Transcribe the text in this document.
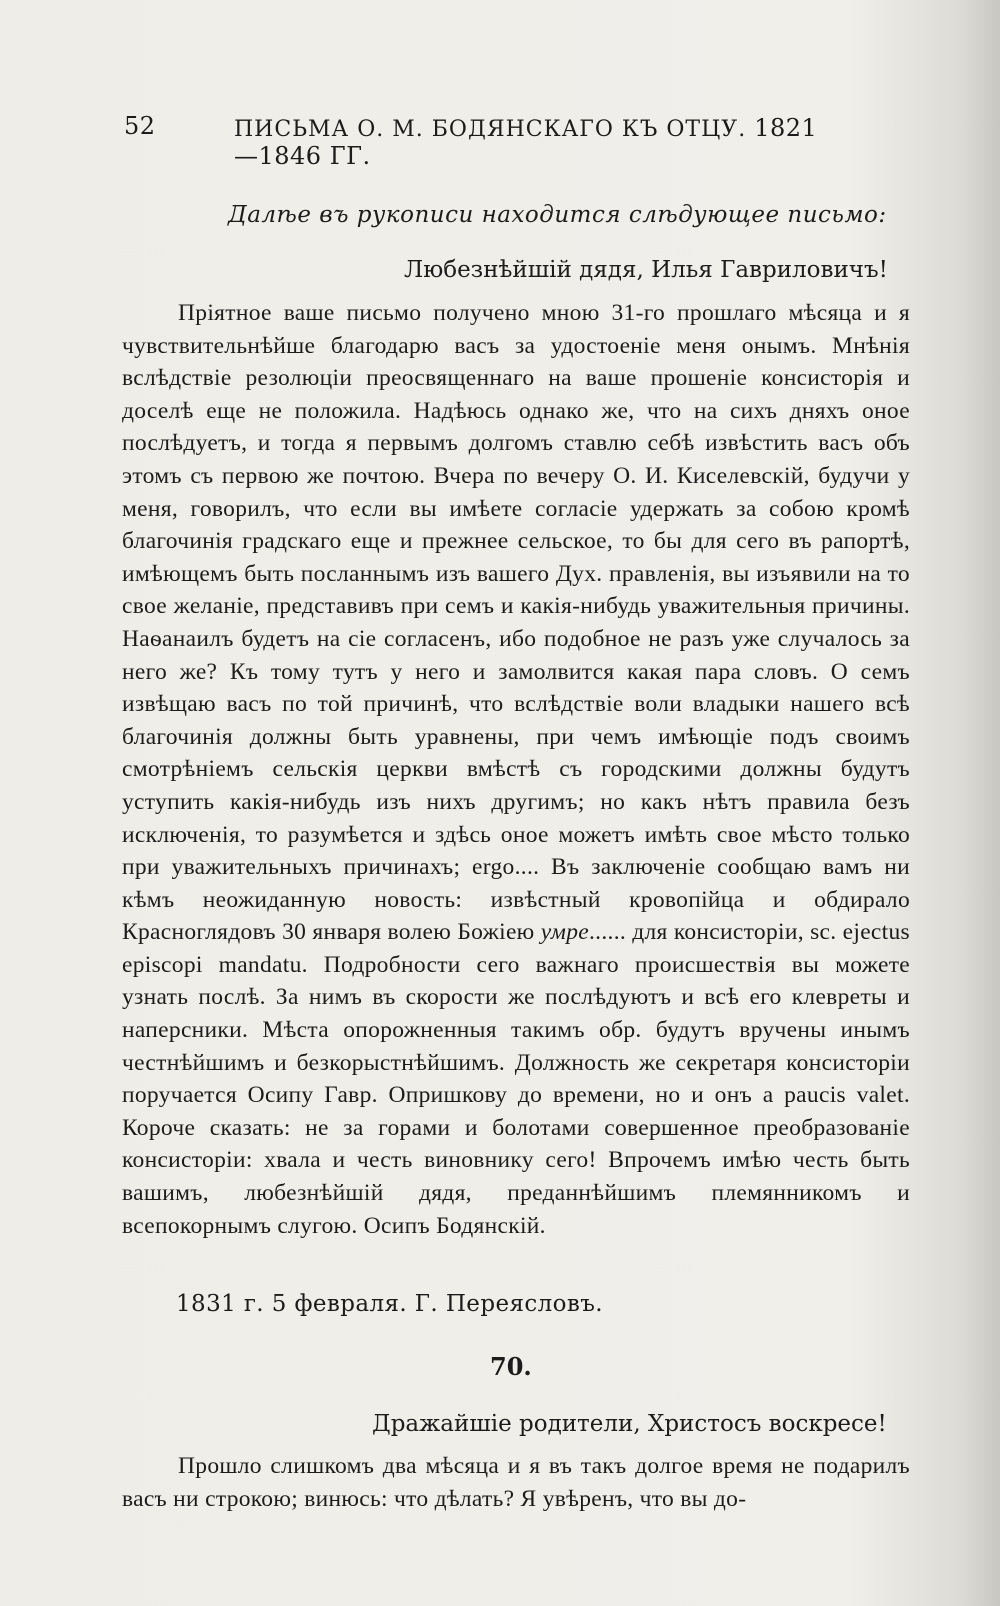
52	ПИСЬМА О. М. БОДЯНСКАГО КЪ ОТЦУ. 1821—1846 ГГ.
Далѣе въ рукописи находится слѣдующее письмо:
Любезнѣйшій дядя, Илья Гавриловичъ!

Пріятное ваше письмо получено мною 31-го прошлаго мѣсяца и я чувствительнѣйше благодарю васъ за удостоеніе меня онымъ. Мнѣнія вслѣдствіе резолюціи преосвященнаго на ваше прошеніе консисторія и доселѣ еще не положила. Надѣюсь однако же, что на сихъ дняхъ оное послѣдуетъ, и тогда я первымъ долгомъ ставлю себѣ извѣстить васъ объ этомъ съ первою же почтою. Вчера по вечеру О. И. Киселевскій, будучи у меня, говорилъ, что если вы имѣете согласіе удержать за собою кромѣ благочинія градскаго еще и прежнее сельское, то бы для сего въ рапортѣ, имѣющемъ быть посланнымъ изъ вашего Дух. правленія, вы изъявили на то свое желаніе, представивъ при семъ и какія-нибудь уважительныя причины. Наѳанаилъ будетъ на сіе согласенъ, ибо подобное не разъ уже случалось за него же? Къ тому тутъ у него и замолвится какая пара словъ. О семъ извѣщаю васъ по той причинѣ, что вслѣдствіе воли владыки нашего всѣ благочинія должны быть уравнены, при чемъ имѣющіе подъ своимъ смотрѣніемъ сельскія церкви вмѣстѣ съ городскими должны будутъ уступить какія-нибудь изъ нихъ другимъ; но какъ нѣтъ правила безъ исключенія, то разумѣется и здѣсь оное можетъ имѣть свое мѣсто только при уважительныхъ причинахъ; ergo.... Въ заключеніе сообщаю вамъ ни кѣмъ неожиданную новость: извѣстный кровопійца и обдирало Красноглядовъ 30 января волею Божіею умре...... для консисторіи, sc. ejectus episcopi mandatu. Подробности сего важнаго происшествія вы можете узнать послѣ. За нимъ въ скорости же послѣдуютъ и всѣ его клевреты и наперсники. Мѣста опорожненныя такимъ обр. будутъ вручены инымъ честнѣйшимъ и безкорыстнѣйшимъ. Должность же секретаря консисторіи поручается Осипу Гавр. Опришкову до времени, но и онъ а paucis valet. Короче сказать: не за горами и болотами совершенное преобразованіе консисторіи: хвала и честь виновнику сего! Впрочемъ имѣю честь быть вашимъ, любезнѣйшій дядя, преданнѣйшимъ племянникомъ и всепокорнымъ слугою. Осипъ Бодянскій.

1831 г. 5 февраля. Г. Переясловъ.
70.
Дражайшіе родители, Христосъ воскресе!

Прошло слишкомъ два мѣсяца и я въ такъ долгое время не подарилъ васъ ни строкою; винюсь: что дѣлать? Я увѣренъ, что вы до-
